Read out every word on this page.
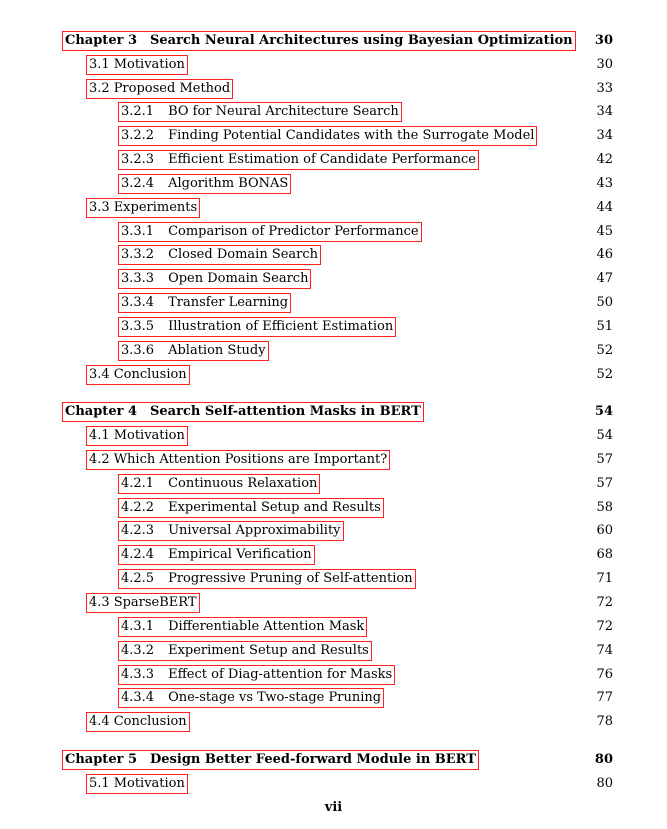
Chapter 3 Search Neural Architectures using Bayesian Optimization 30
3.1 Motivation	30
3.2 Proposed Method	33
3.2.1 BO for Neural Architecture Search	34
3.2.2 Finding Potential Candidates with the Surrogate Model	34
3.2.3 Efficient Estimation of Candidate Performance	42
3.2.4 Algorithm BONAS	43
3.3 Experiments	44
3.3.1 Comparison of Predictor Performance	45
3.3.2 Closed Domain Search	46
3.3.3 Open Domain Search	47
3.3.4 Transfer Learning	50
3.3.5 Illustration of Efficient Estimation	51
3.3.6 Ablation Study	52
3.4 Conclusion	52
Chapter 4 Search Self-attention Masks in BERT	54
4.1 Motivation	54
4.2 Which Attention Positions are Important?	57
4.2.1 Continuous Relaxation	57
4.2.2 Experimental Setup and Results	58
4.2.3 Universal Approximability	60
4.2.4 Empirical Verification	68
4.2.5 Progressive Pruning of Self-attention	71
4.3 SparseBERT	72
4.3.1 Differentiable Attention Mask	72
4.3.2 Experiment Setup and Results	74
4.3.3 Effect of Diag-attention for Masks	76
4.3.4 One-stage vs Two-stage Pruning	77
4.4 Conclusion	78
Chapter 5 Design Better Feed-forward Module in BERT	80
5.1 Motivation	80
vii
